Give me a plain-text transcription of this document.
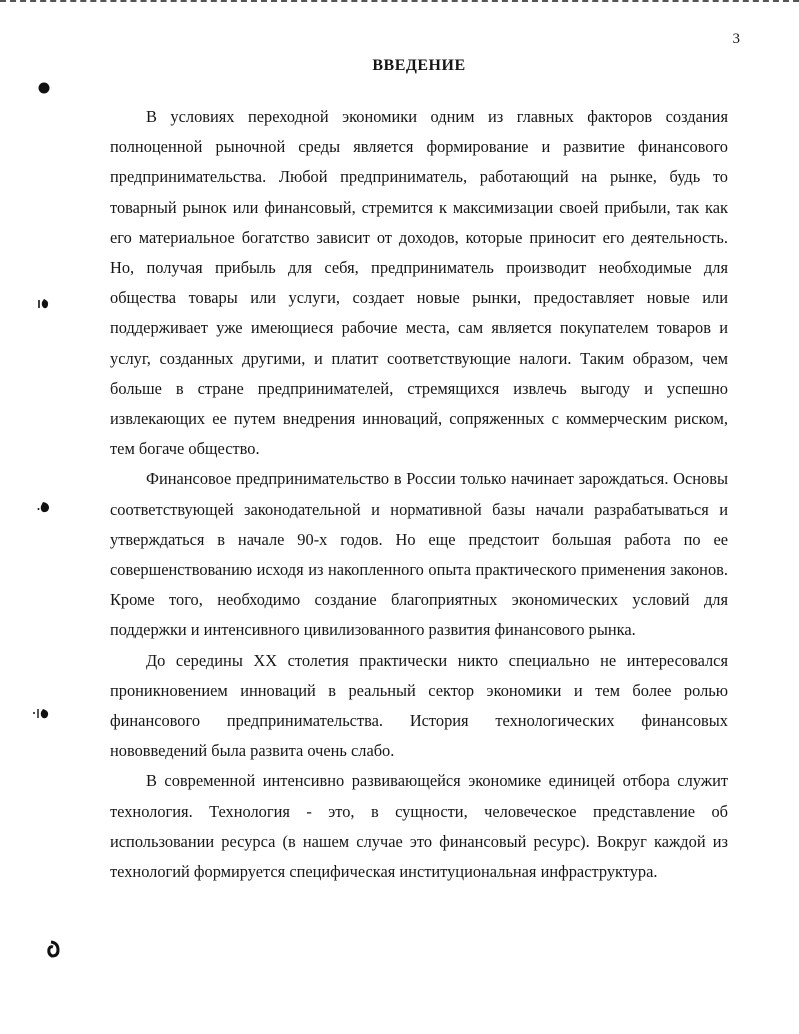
3
ВВЕДЕНИЕ

В условиях переходной экономики одним из главных факторов создания полноценной рыночной среды является формирование и развитие финансового предпринимательства. Любой предприниматель, работающий на рынке, будь то товарный рынок или финансовый, стремится к максимизации своей прибыли, так как его материальное богатство зависит от доходов, которые приносит его деятельность. Но, получая прибыль для себя, предприниматель производит необходимые для общества товары или услуги, создает новые рынки, предоставляет новые или поддерживает уже имеющиеся рабочие места, сам является покупателем товаров и услуг, созданных другими, и платит соответствующие налоги. Таким образом, чем больше в стране предпринимателей, стремящихся извлечь выгоду и успешно извлекающих ее путем внедрения инноваций, сопряженных с коммерческим риском, тем богаче общество.

Финансовое предпринимательство в России только начинает зарождаться. Основы соответствующей законодательной и нормативной базы начали разрабатываться и утверждаться в начале 90-х годов. Но еще предстоит большая работа по ее совершенствованию исходя из накопленного опыта практического применения законов. Кроме того, необходимо создание благоприятных экономических условий для поддержки и интенсивного цивилизованного развития финансового рынка.

До середины XX столетия практически никто специально не интересовался проникновением инноваций в реальный сектор экономики и тем более ролью финансового предпринимательства. История технологических финансовых нововведений была развита очень слабо.

В современной интенсивно развивающейся экономике единицей отбора служит технология. Технология - это, в сущности, человеческое представление об использовании ресурса (в нашем случае это финансовый ресурс). Вокруг каждой из технологий формируется специфическая институциональная инфраструктура.
